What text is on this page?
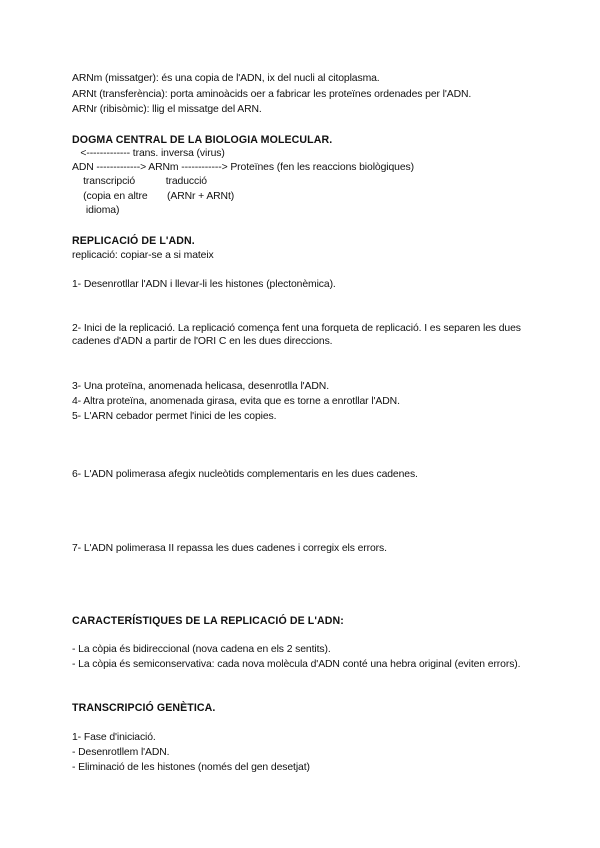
ARNm (missatger): és una copia de l'ADN, ix del nucli al citoplasma.
ARNt (transferència): porta aminoàcids oer a fabricar les proteïnes ordenades per l'ADN.
ARNr (ribisòmic): llig el missatge del ARN.
DOGMA CENTRAL DE LA BIOLOGIA MOLECULAR.
<------------- trans. inversa (virus)
ADN -------------> ARNm ------------> Proteïnes (fen les reaccions biològiques)
transcripció           traducció
(copia en altre       (ARNr + ARNt)
idioma)
REPLICACIÓ DE L'ADN.
replicació: copiar-se a si mateix
1- Desenrotllar l'ADN i llevar-li les histones (plectonèmica).
2- Inici de la replicació. La replicació comença fent una forqueta de replicació. I es separen les dues cadenes d'ADN a partir de l'ORI C en les dues direccions.
3- Una proteïna, anomenada helicasa, desenrotlla l'ADN.
4- Altra proteïna, anomenada girasa, evita que es torne a enrotllar l'ADN.
5- L'ARN cebador permet l'inici de les copies.
6- L'ADN polimerasa afegix nucleòtids complementaris en les dues cadenes.
7- L'ADN polimerasa II repassa les dues cadenes i corregix els errors.
CARACTERÍSTIQUES DE LA REPLICACIÓ DE L'ADN:
- La còpia és bidireccional (nova cadena en els 2 sentits).
- La còpia és semiconservativa: cada nova molècula d'ADN conté una hebra original (eviten errors).
TRANSCRIPCIÓ GENÈTICA.
1- Fase d'iniciació.
- Desenrotllem l'ADN.
- Eliminació de les histones (només del gen desetjat)
